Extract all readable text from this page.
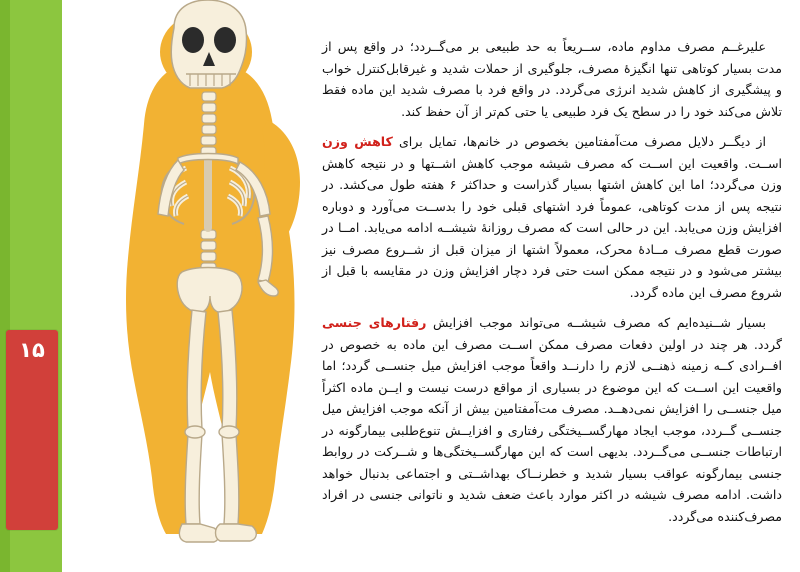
۱۵
آن چگونه جسم و روان می‌سوزد؟

علیرغــم مصرف مداوم ماده، ســریعاً به حد طبیعی بر می‌گــردد؛ در واقع پس از مدت بسیار کوتاهی تنها انگیزهٔ مصرف، جلوگیری از حملات شدید و غیرقابل‌کنترل خواب و پیشگیری از کاهش شدید انرژی می‌گردد. در واقع فرد با مصرف شدید این ماده فقط تلاش می‌کند خود را در سطح یک فرد طبیعی یا حتی کم‌تر از آن حفظ کند.

از دیگــر دلایل مصرف مت‌آمفتامین بخصوص در خانم‌ها، تمایل برای کاهش وزن اســت. واقعیت این اســت که مصرف شیشه موجب کاهش اشــتها و در نتیجه کاهش وزن می‌گردد؛ اما این کاهش اشتها بسیار گذراست و حداکثر ۶ هفته طول می‌کشد. در نتیجه پس از مدت کوتاهی، عموماً فرد اشتهای قبلی خود را بدســت می‌آورد و دوباره افزایش وزن می‌یابد. این در حالی است که مصرف روزانهٔ شیشــه ادامه می‌یابد. امــا در صورت قطع مصرف مــادهٔ محرک، معمولاً اشتها از میزان قبل از شــروع مصرف نیز بیشتر می‌شود و در نتیجه ممکن است حتی فرد دچار افزایش وزن در مقایسه با قبل از شروع مصرف این ماده گردد.

بسیار شــنیده‌ایم که مصرف شیشــه می‌تواند موجب افزایش رفتارهای جنسی گردد. هر چند در اولین دفعات مصرف ممکن اســت مصرف این ماده به خصوص در افــرادی کــه زمینه ذهنــی لازم را دارنــد واقعاً موجب افزایش میل جنســی گردد؛ اما واقعیت این اســت که این موضوع در بسیاری از مواقع درست نیست و ایــن ماده اکثراً میل جنســی را افزایش نمی‌دهــد. مصرف مت‌آمفتامین بیش از آنکه موجب افزایش میل جنســی گــردد، موجب ایجاد مهارگســیختگی رفتاری و افزایــش تنوع‌طلبی بیمارگونه در ارتباطات جنســی می‌گــردد. بدیهی است که این مهارگســیختگی‌ها و شــرکت در روابط جنسی بیمارگونه عواقب بسیار شدید و خطرنــاک بهداشــتی و اجتماعی بدنبال خواهد داشت. ادامه مصرف شیشه در اکثر موارد باعث ضعف شدید و ناتوانی جنسی در افراد مصرف‌کننده می‌گردد.
